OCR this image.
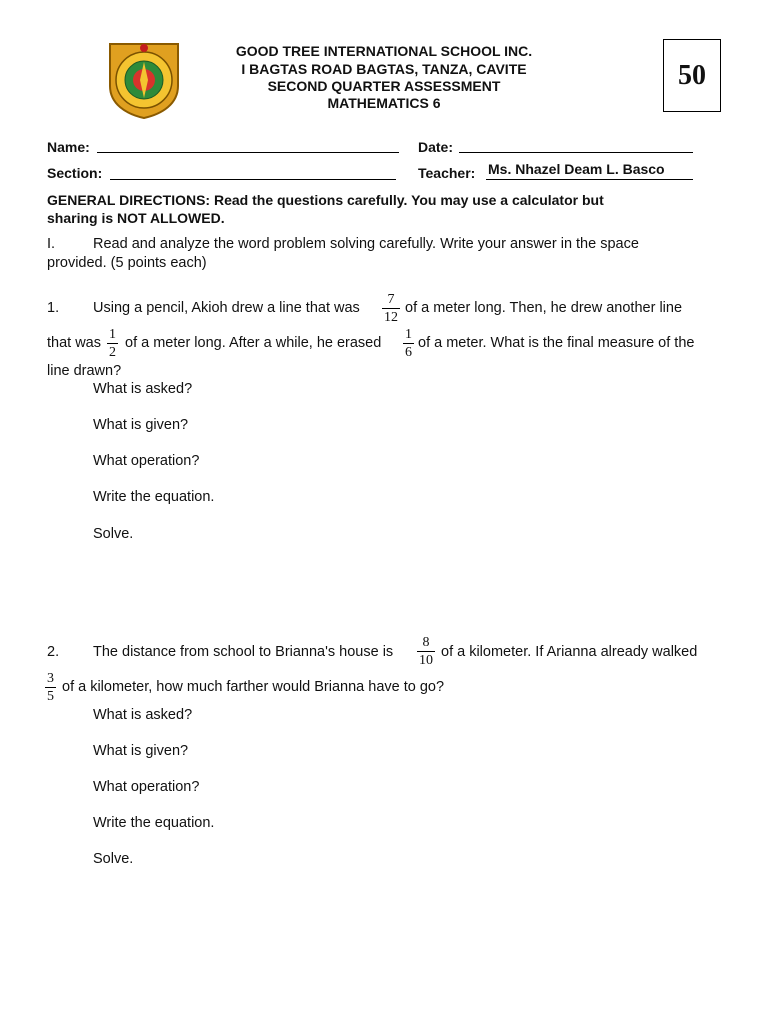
GOOD TREE INTERNATIONAL SCHOOL INC.
I BAGTAS ROAD BAGTAS, TANZA, CAVITE
SECOND QUARTER ASSESSMENT
MATHEMATICS 6
50
Name:	Date:
Section:	Teacher: Ms. Nhazel Deam L. Basco
GENERAL DIRECTIONS: Read the questions carefully. You may use a calculator but
sharing is NOT ALLOWED.
I.	Read and analyze the word problem solving carefully. Write your answer in the space
provided. (5 points each)
1. Using a pencil, Akioh drew a line that was
7
12
of a meter long. Then, he drew another line
that was
1
2
of a meter long. After a while, he erased
1
6
of a meter. What is the final measure of the
line drawn?
What is asked?
What is given?
What operation?
Write the equation.
Solve.
2. The distance from school to Brianna's house is
8
10
of a kilometer. If Arianna already walked
3
5
of a kilometer, how much farther would Brianna have to go?
What is asked?
What is given?
What operation?
Write the equation.
Solve.
